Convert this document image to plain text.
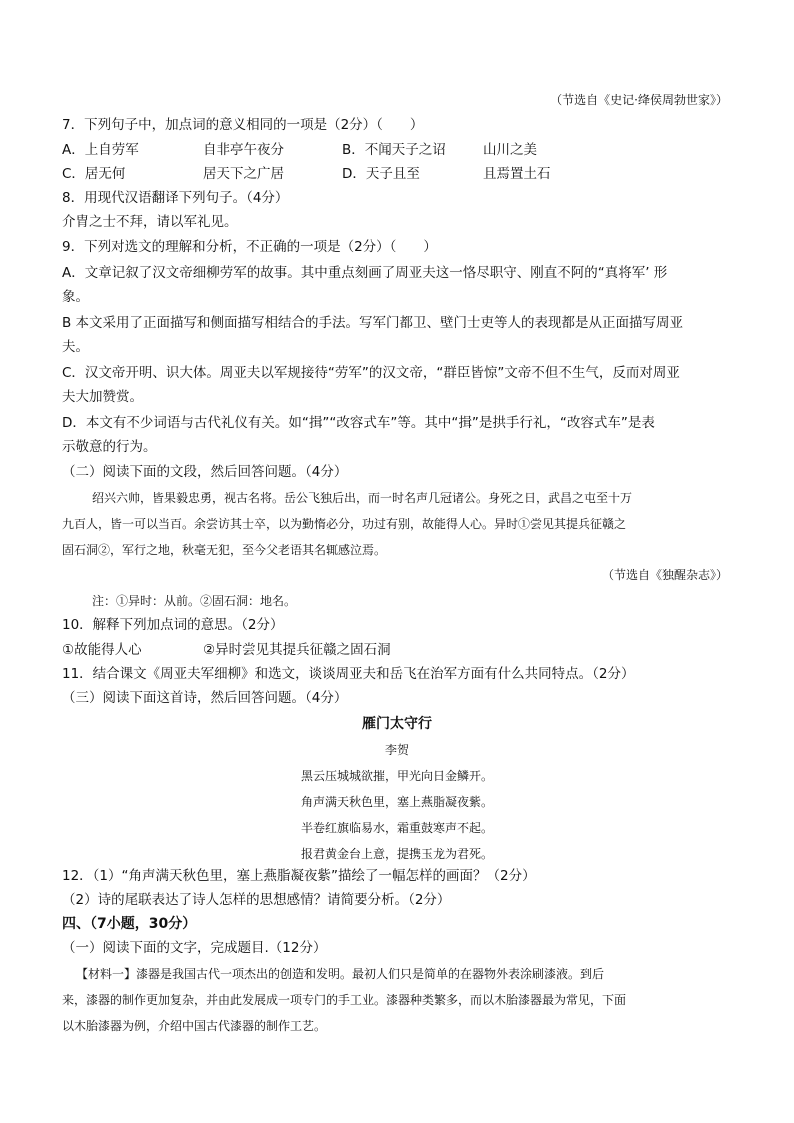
（节选自《史记·绛侯周勃世家》）
7．下列句子中，加点词的意义相同的一项是（2分）（　　）
A．上自劳军	自非亭午夜分	B．不闻天子之诏	山川之美
C．居无何	居天下之广居	D．天子且至	且焉置土石
8．用现代汉语翻译下列句子。（4分）
介胄之士不拜，请以军礼见。
9．下列对选文的理解和分析，不正确的一项是（2分）（　　）
A．文章记叙了汉文帝细柳劳军的故事。其中重点刻画了周亚夫这一恪尽职守、刚直不阿的“真将军’ 形
象。
B 本文采用了正面描写和侧面描写相结合的手法。写军门都卫、壁门士吏等人的表现都是从正面描写周亚
夫。
C．汉文帝开明、识大体。周亚夫以军规接待“劳军”的汉文帝，“群臣皆惊”文帝不但不生气，反而对周亚
夫大加赞赏。
D．本文有不少词语与古代礼仪有关。如“揖”“改容式车”等。其中“揖”是拱手行礼，“改容式车”是表
示敬意的行为。
（二）阅读下面的文段，然后回答问题。（4分）
绍兴六帅，皆果毅忠勇，视古名将。岳公飞独后出，而一时名声几冠诸公。身死之日，武昌之屯至十万
九百人，皆一可以当百。余尝访其士卒，以为勤惰必分，功过有别，故能得人心。异时①尝见其提兵征赣之
固石洞②，军行之地，秋毫无犯，至今父老语其名辄感泣焉。
（节选自《独醒杂志》）
注：①异时：从前。②固石洞：地名。
10．解释下列加点词的意思。（2分）
①故能得人心	②异时尝见其提兵征赣之固石洞
11．结合课文《周亚夫军细柳》和选文，谈谈周亚夫和岳飞在治军方面有什么共同特点。（2分）
（三）阅读下面这首诗，然后回答问题。（4分）
雁门太守行
李贺
黑云压城城欲摧，甲光向日金鳞开。
角声满天秋色里，塞上燕脂凝夜紫。
半卷红旗临易水，霜重鼓寒声不起。
报君黄金台上意，提携玉龙为君死。
12．（1）“角声满天秋色里，塞上燕脂凝夜紫”描绘了一幅怎样的画面？（2分）
（2）诗的尾联表达了诗人怎样的思想感情？请简要分析。（2分）
四、（7小题，30分）
（一）阅读下面的文字，完成题目.（12分）
【材料一】漆器是我国古代一项杰出的创造和发明。最初人们只是简单的在器物外表涂刷漆液。到后
来，漆器的制作更加复杂，并由此发展成一项专门的手工业。漆器种类繁多，而以木胎漆器最为常见，下面
以木胎漆器为例，介绍中国古代漆器的制作工艺。
